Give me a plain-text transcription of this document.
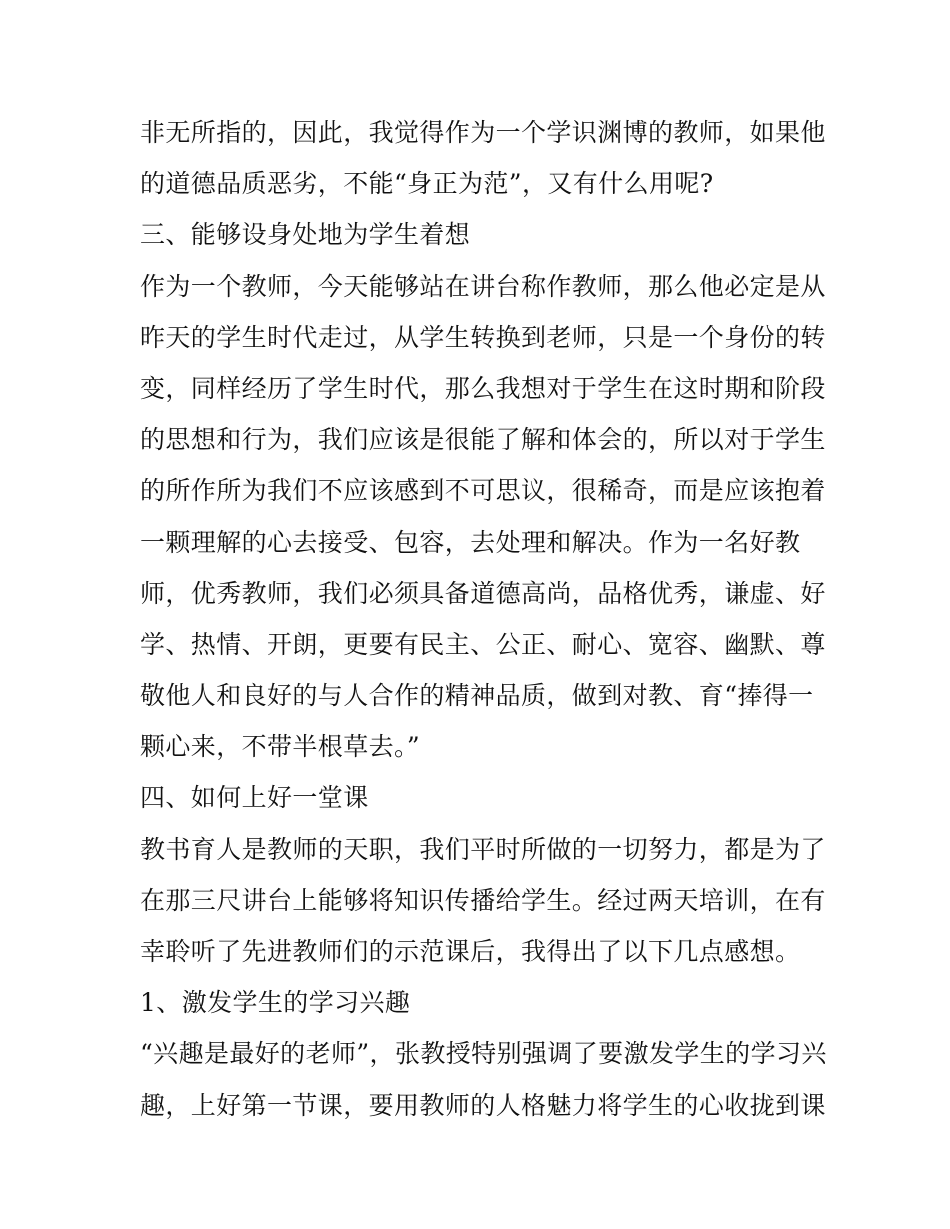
非无所指的，因此，我觉得作为一个学识渊博的教师，如果他
的道德品质恶劣，不能“身正为范”，又有什么用呢?
三、能够设身处地为学生着想
作为一个教师，今天能够站在讲台称作教师，那么他必定是从
昨天的学生时代走过，从学生转换到老师，只是一个身份的转
变，同样经历了学生时代，那么我想对于学生在这时期和阶段
的思想和行为，我们应该是很能了解和体会的，所以对于学生
的所作所为我们不应该感到不可思议，很稀奇，而是应该抱着
一颗理解的心去接受、包容，去处理和解决。作为一名好教
师，优秀教师，我们必须具备道德高尚，品格优秀，谦虚、好
学、热情、开朗，更要有民主、公正、耐心、宽容、幽默、尊
敬他人和良好的与人合作的精神品质，做到对教、育“捧得一
颗心来，不带半根草去。”
四、如何上好一堂课
教书育人是教师的天职，我们平时所做的一切努力，都是为了
在那三尺讲台上能够将知识传播给学生。经过两天培训，在有
幸聆听了先进教师们的示范课后，我得出了以下几点感想。
1、激发学生的学习兴趣
“兴趣是最好的老师”，张教授特别强调了要激发学生的学习兴
趣，上好第一节课，要用教师的人格魅力将学生的心收拢到课
